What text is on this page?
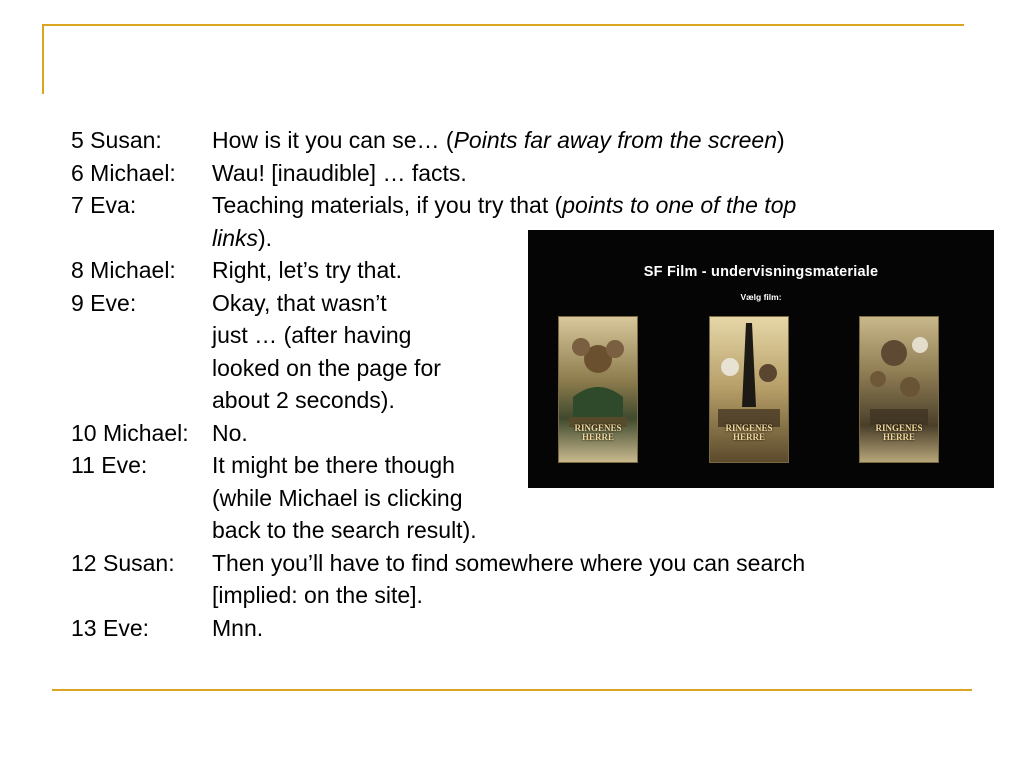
5 Susan:	How is it you can se… (Points far away from the screen)
6 Michael:	Wau! [inaudible] … facts.
7 Eva:	Teaching materials, if you try that (points to one of the top
links).
8 Michael:	Right, let’s try that.
9 Eve:	Okay, that wasn’t
just … (after having
looked on the page for
about 2 seconds).
10 Michael:	No.
11 Eve:	It might be there though
(while Michael is clicking
back to the search result).
12 Susan:	Then you’ll have to find somewhere where you can search
[implied: on the site].
13 Eve:	Mnn.
SF Film - undervisningsmateriale
Vælg film:
RINGENES HERRE
RINGENES HERRE
RINGENES HERRE
